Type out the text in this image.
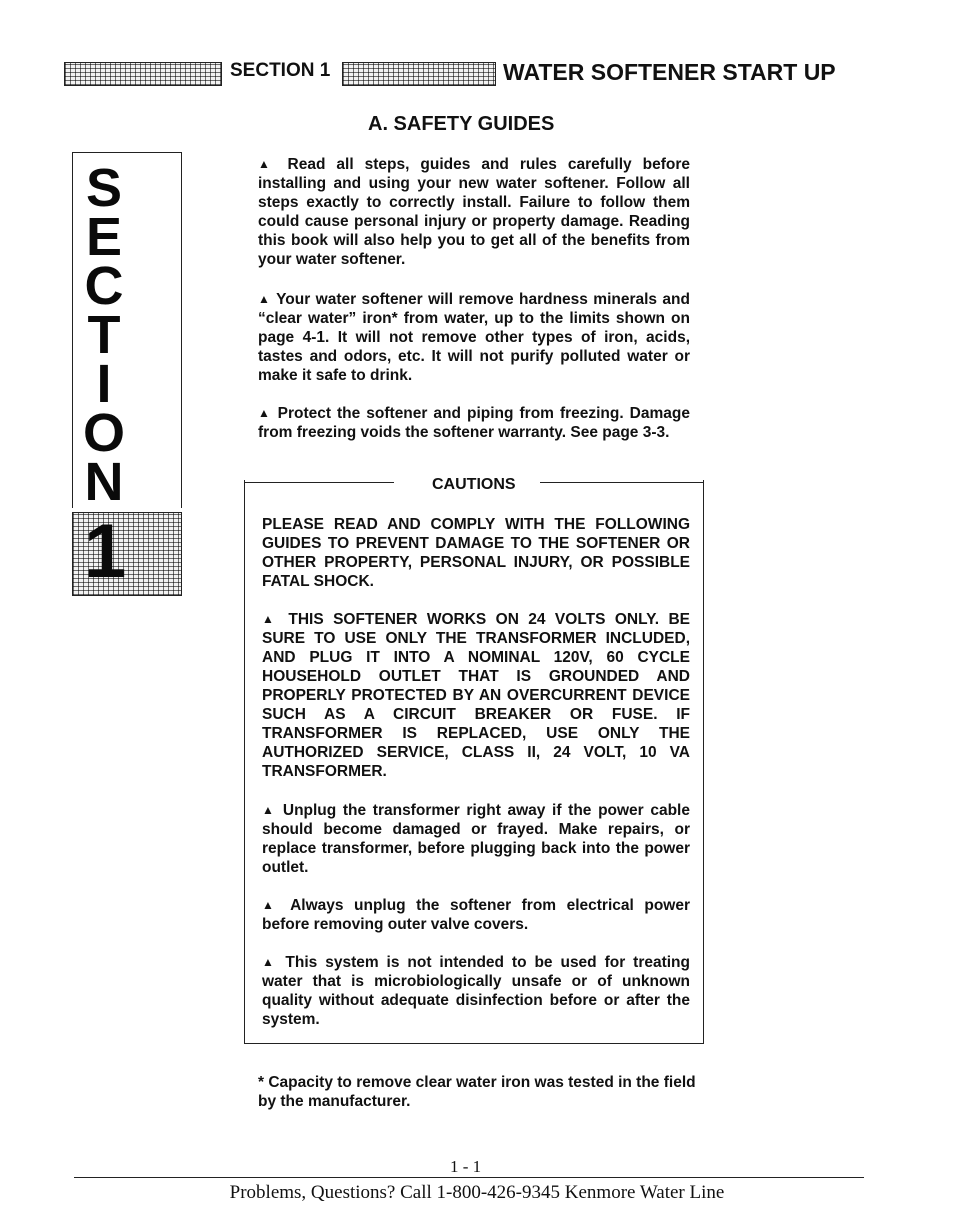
SECTION 1	WATER SOFTENER START UP
A. SAFETY GUIDES
S
E
C
T
I
O
N
1

▲ Read all steps, guides and rules carefully before installing and using your new water softener. Follow all steps exactly to correctly install. Failure to follow them could cause personal injury or property damage. Reading this book will also help you to get all of the benefits from your water softener.

▲ Your water softener will remove hardness minerals and “clear water” iron* from water, up to the limits shown on page 4-1. It will not remove other types of iron, acids, tastes and odors, etc. It will not purify polluted water or make it safe to drink.

▲ Protect the softener and piping from freezing. Damage from freezing voids the softener warranty. See page 3-3.

CAUTIONS

PLEASE READ AND COMPLY WITH THE FOLLOWING GUIDES TO PREVENT DAMAGE TO THE SOFTENER OR OTHER PROPERTY, PERSONAL INJURY, OR POSSIBLE FATAL SHOCK.

▲ THIS SOFTENER WORKS ON 24 VOLTS ONLY. BE SURE TO USE ONLY THE TRANSFORMER INCLUDED, AND PLUG IT INTO A NOMINAL 120V, 60 CYCLE HOUSEHOLD OUTLET THAT IS GROUNDED AND PROPERLY PROTECTED BY AN OVERCURRENT DEVICE SUCH AS A CIRCUIT BREAKER OR FUSE. IF TRANSFORMER IS REPLACED, USE ONLY THE AUTHORIZED SERVICE, CLASS II, 24 VOLT, 10 VA TRANSFORMER.

▲ Unplug the transformer right away if the power cable should become damaged or frayed. Make repairs, or replace transformer, before plugging back into the power outlet.

▲ Always unplug the softener from electrical power before removing outer valve covers.

▲ This system is not intended to be used for treating water that is microbiologically unsafe or of unknown quality without adequate disinfection before or after the system.

* Capacity to remove clear water iron was tested in the field by the manufacturer.

1 - 1
Problems, Questions? Call 1-800-426-9345 Kenmore Water Line
